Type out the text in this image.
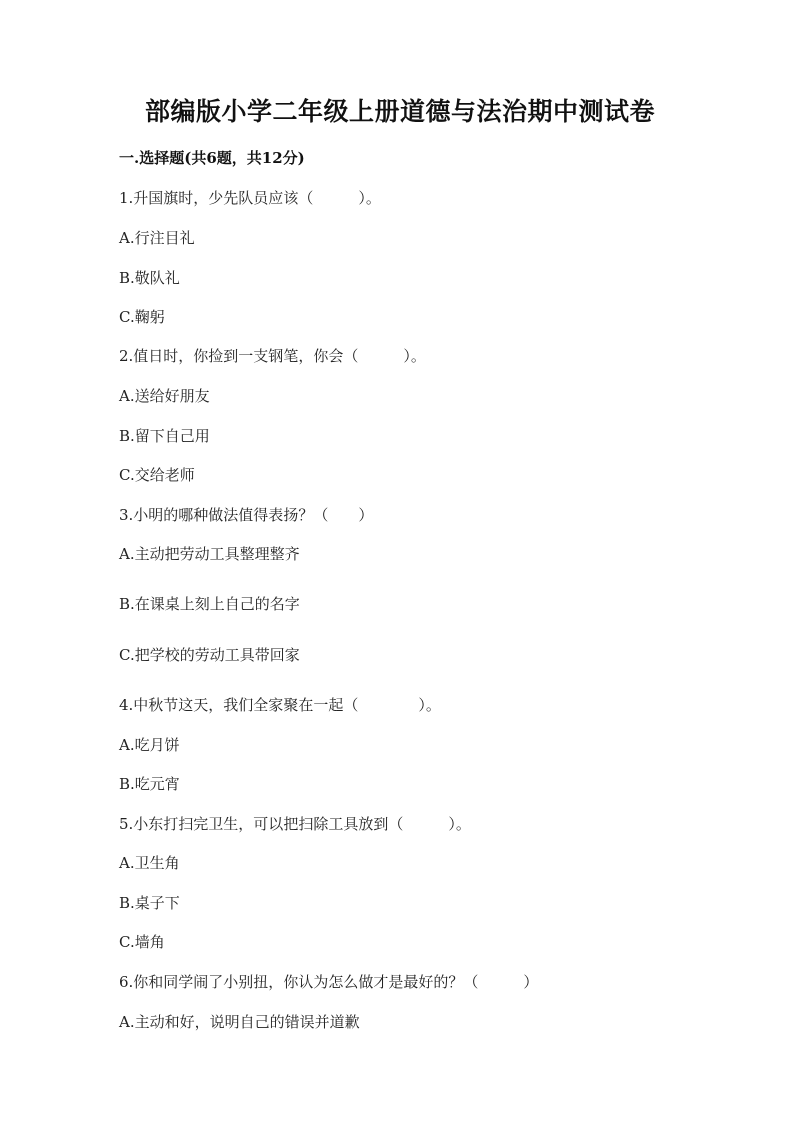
部编版小学二年级上册道德与法治期中测试卷
一.选择题(共6题，共12分)
1.升国旗时，少先队员应该（　　　）。
A.行注目礼
B.敬队礼
C.鞠躬
2.值日时，你捡到一支钢笔，你会（　　　）。
A.送给好朋友
B.留下自己用
C.交给老师
3.小明的哪种做法值得表扬？（　　）
A.主动把劳动工具整理整齐
B.在课桌上刻上自己的名字
C.把学校的劳动工具带回家
4.中秋节这天，我们全家聚在一起（　　　　）。
A.吃月饼
B.吃元宵
5.小东打扫完卫生，可以把扫除工具放到（　　　）。
A.卫生角
B.桌子下
C.墙角
6.你和同学闹了小别扭，你认为怎么做才是最好的？（　　　）
A.主动和好，说明自己的错误并道歉
